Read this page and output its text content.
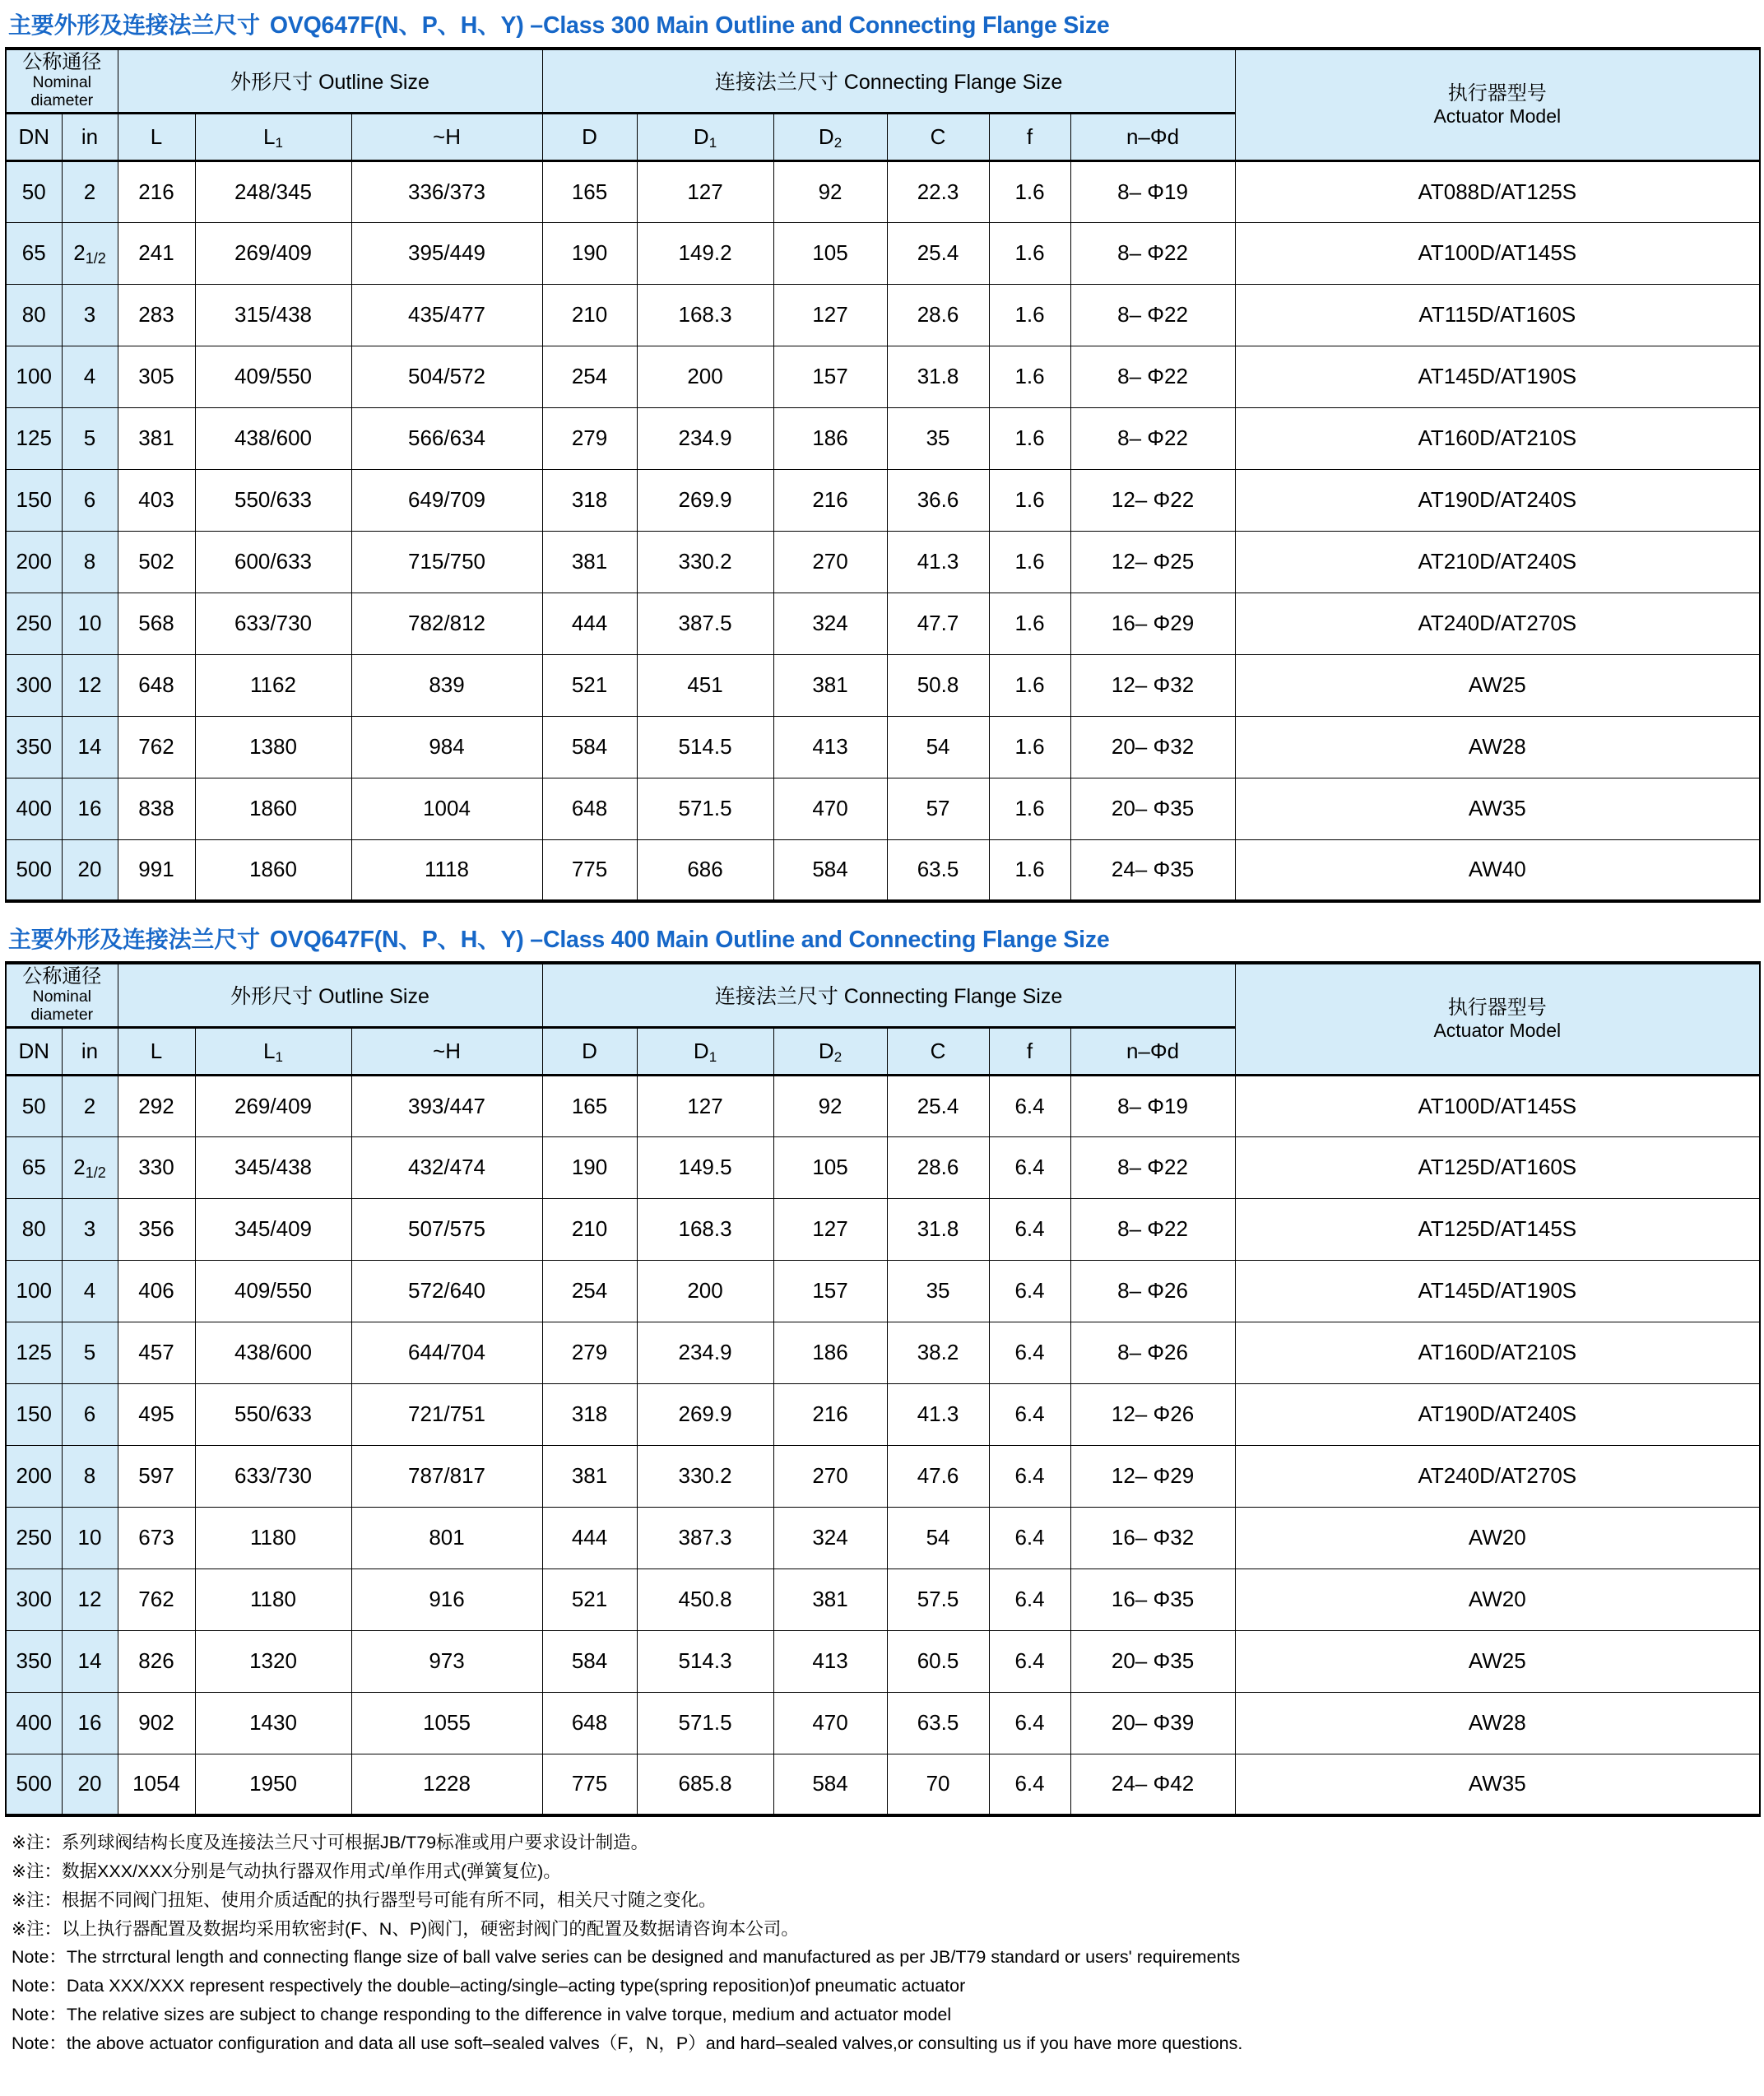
主要外形及连接法兰尺寸 OVQ647F(N、P、H、Y) –Class 300 Main Outline and Connecting Flange Size
公称通径
Nominal diameter		外形尺寸 Outline Size			连接法兰尺寸 Connecting Flange Size						执行器型号
Actuator Model

DN	in	L	$L_1$	~H	D	$D_1$	$D_2$	C	f	n–Φd	
50	2	216	248/345	336/373	165	127	92	22.3	1.6	8– Φ19	AT088D/AT125S
65	21/2	241	269/409	395/449	190	149.2	105	25.4	1.6	8– Φ22	AT100D/AT145S
80	3	283	315/438	435/477	210	168.3	127	28.6	1.6	8– Φ22	AT115D/AT160S
100	4	305	409/550	504/572	254	200	157	31.8	1.6	8– Φ22	AT145D/AT190S
125	5	381	438/600	566/634	279	234.9	186	35	1.6	8– Φ22	AT160D/AT210S
150	6	403	550/633	649/709	318	269.9	216	36.6	1.6	12– Φ22	AT190D/AT240S
200	8	502	600/633	715/750	381	330.2	270	41.3	1.6	12– Φ25	AT210D/AT240S
250	10	568	633/730	782/812	444	387.5	324	47.7	1.6	16– Φ29	AT240D/AT270S
300	12	648	1162	839	521	451	381	50.8	1.6	12– Φ32	AW25
350	14	762	1380	984	584	514.5	413	54	1.6	20– Φ32	AW28
400	16	838	1860	1004	648	571.5	470	57	1.6	20– Φ35	AW35
500	20	991	1860	1118	775	686	584	63.5	1.6	24– Φ35	AW40
主要外形及连接法兰尺寸 OVQ647F(N、P、H、Y) –Class 400 Main Outline and Connecting Flange Size
公称通径
Nominal diameter		外形尺寸 Outline Size			连接法兰尺寸 Connecting Flange Size						执行器型号
Actuator Model

DN	in	L	$L_1$	~H	D	$D_1$	$D_2$	C	f	n–Φd	
50	2	292	269/409	393/447	165	127	92	25.4	6.4	8– Φ19	AT100D/AT145S
65	21/2	330	345/438	432/474	190	149.5	105	28.6	6.4	8– Φ22	AT125D/AT160S
80	3	356	345/409	507/575	210	168.3	127	31.8	6.4	8– Φ22	AT125D/AT145S
100	4	406	409/550	572/640	254	200	157	35	6.4	8– Φ26	AT145D/AT190S
125	5	457	438/600	644/704	279	234.9	186	38.2	6.4	8– Φ26	AT160D/AT210S
150	6	495	550/633	721/751	318	269.9	216	41.3	6.4	12– Φ26	AT190D/AT240S
200	8	597	633/730	787/817	381	330.2	270	47.6	6.4	12– Φ29	AT240D/AT270S
250	10	673	1180	801	444	387.3	324	54	6.4	16– Φ32	AW20
300	12	762	1180	916	521	450.8	381	57.5	6.4	16– Φ35	AW20
350	14	826	1320	973	584	514.3	413	60.5	6.4	20– Φ35	AW25
400	16	902	1430	1055	648	571.5	470	63.5	6.4	20– Φ39	AW28
500	20	1054	1950	1228	775	685.8	584	70	6.4	24– Φ42	AW35
※注：系列球阀结构长度及连接法兰尺寸可根据JB/T79标准或用户要求设计制造。
※注：数据XXX/XXX分别是气动执行器双作用式/单作用式(弹簧复位)。
※注：根据不同阀门扭矩、使用介质适配的执行器型号可能有所不同，相关尺寸随之变化。
※注：以上执行器配置及数据均采用软密封(F、N、P)阀门，硬密封阀门的配置及数据请咨询本公司。
Note：The strrctural length and connecting flange size of ball valve series can be designed and manufactured as per JB/T79 standard or users' requirements
Note：Data XXX/XXX represent respectively the double–acting/single–acting type(spring reposition)of pneumatic actuator
Note：The relative sizes are subject to change responding to the difference in valve torque, medium and actuator model
Note：the above actuator configuration and data all use soft–sealed valves（F，N，P）and hard–sealed valves,or consulting us if you have more questions.
